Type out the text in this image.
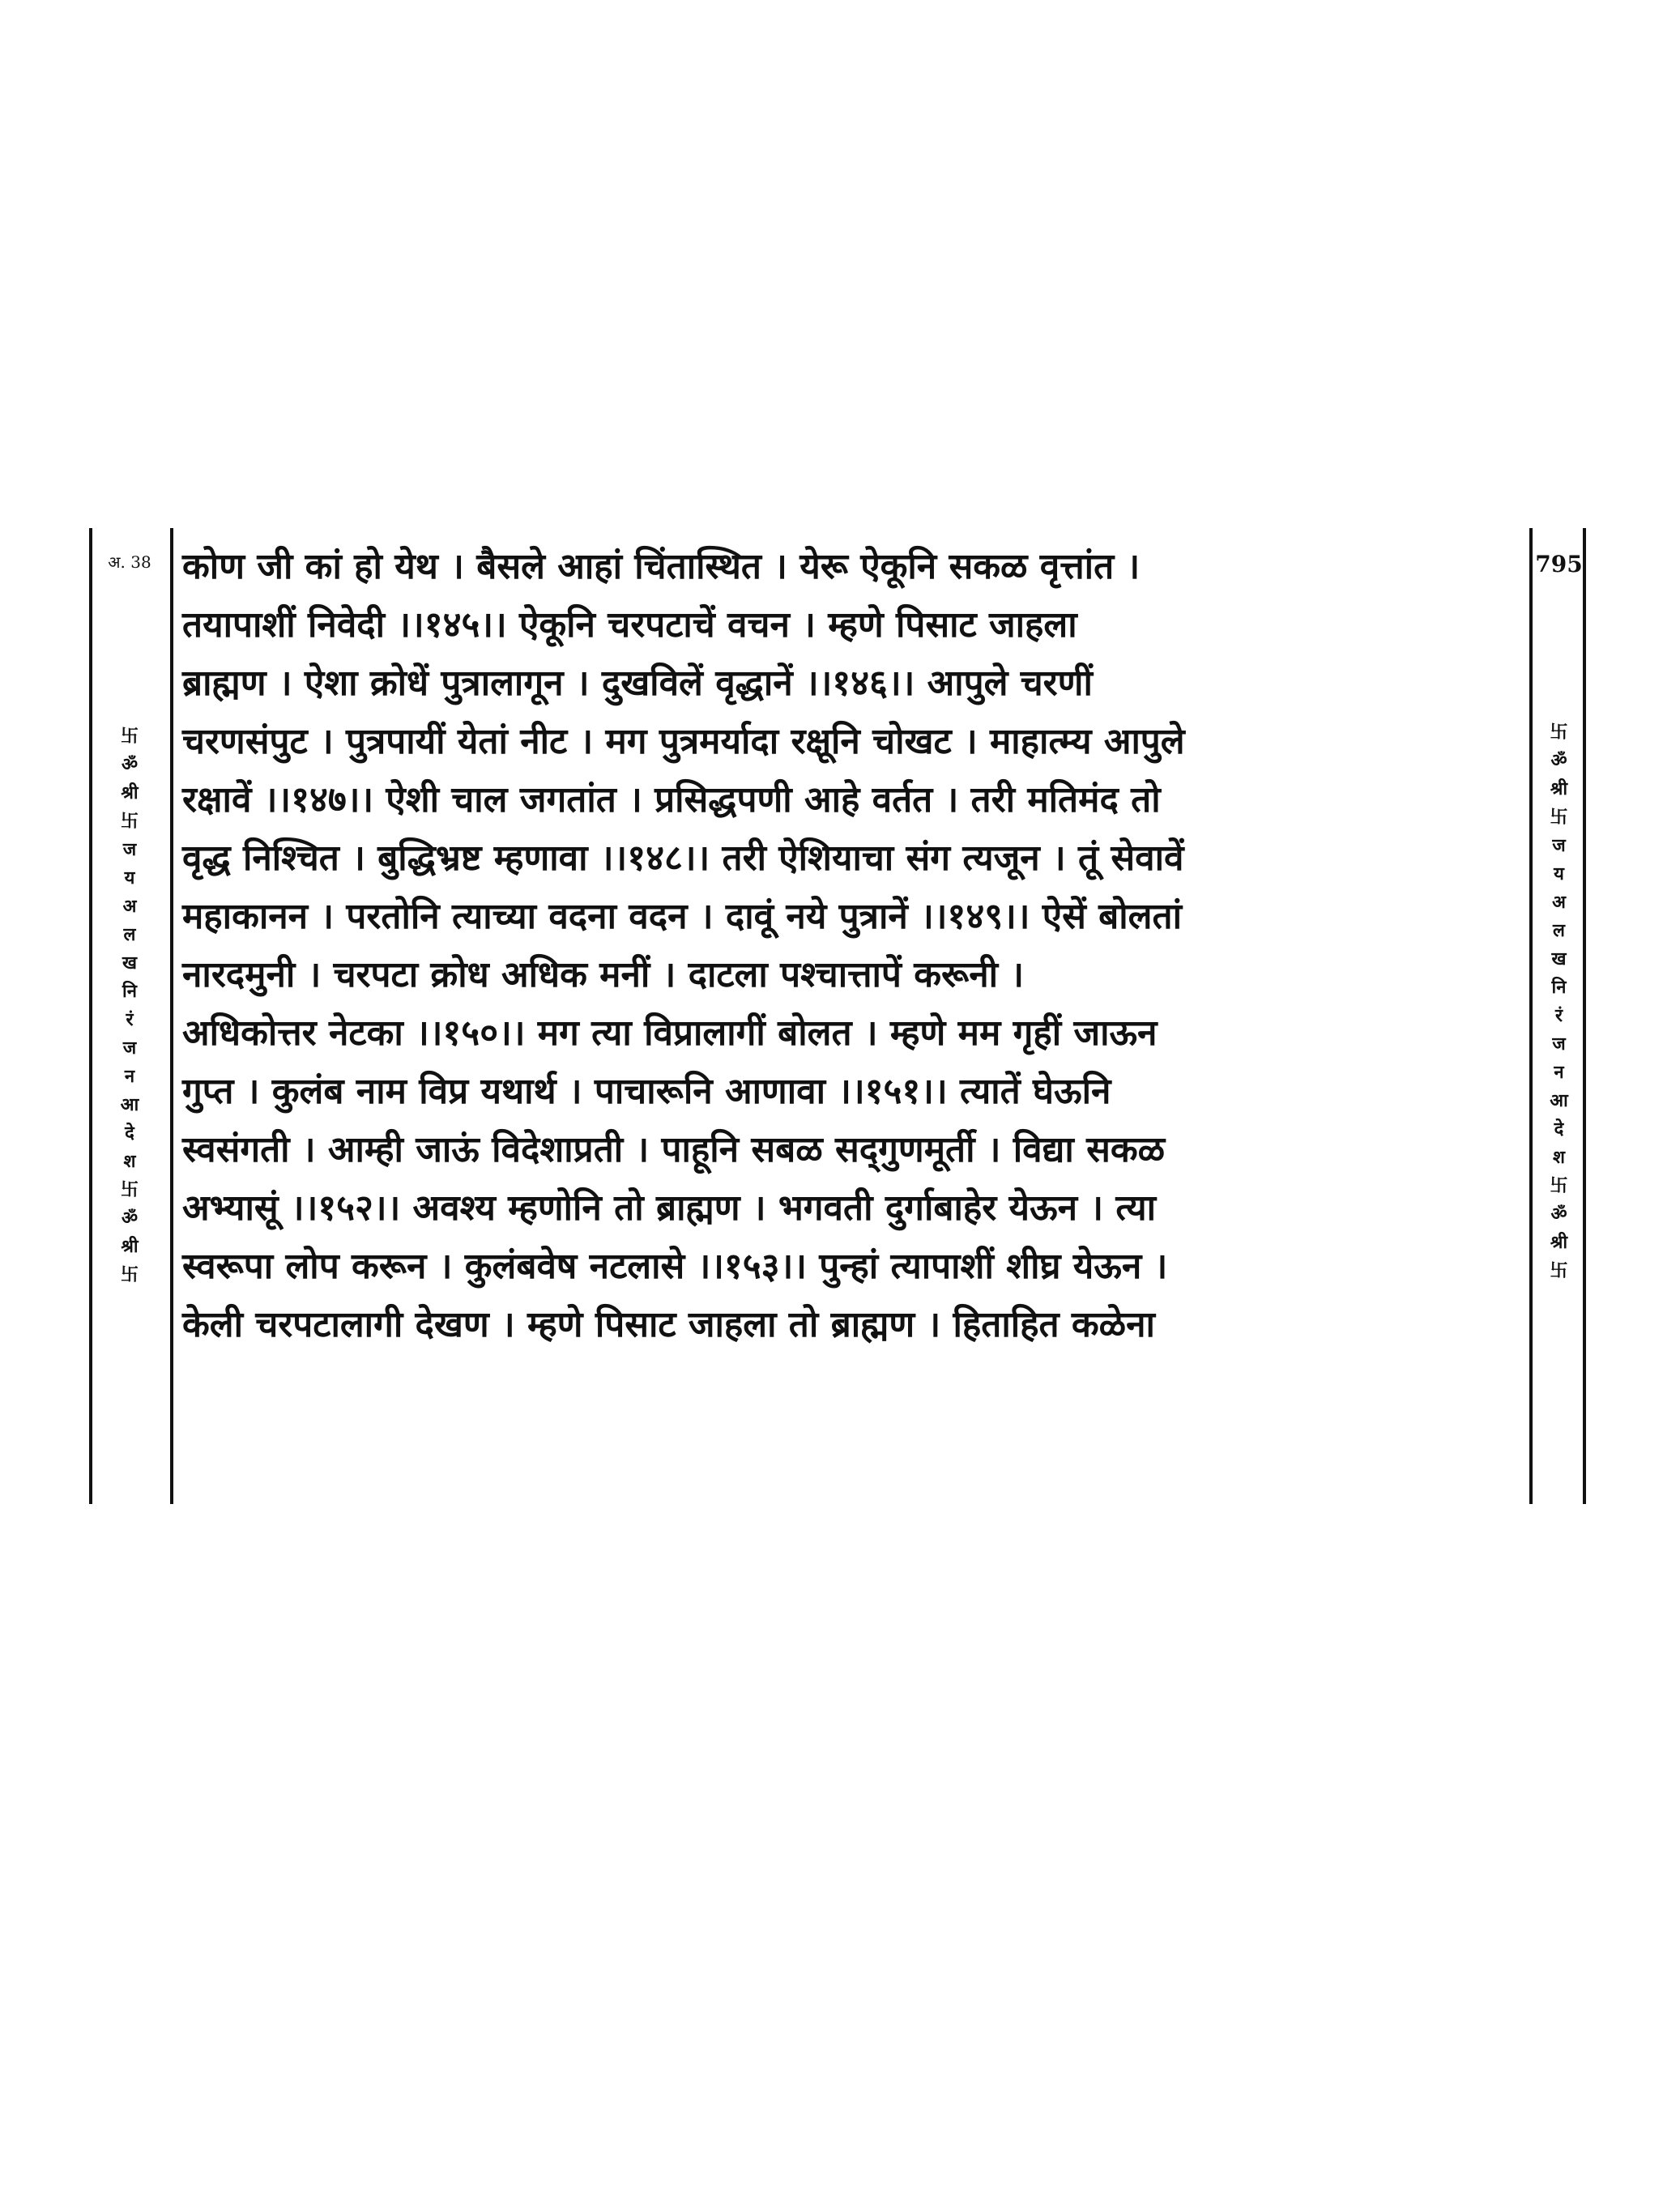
अ. 38
卐
ॐ
श्री
卐
ज
य
अ
ल
ख
नि
रं
ज
न
आ
दे
श
卐
ॐ
श्री
卐
795
卐
ॐ
श्री
卐
ज
य
अ
ल
ख
नि
रं
ज
न
आ
दे
श
卐
ॐ
श्री
卐
कोण जी कां हो येथ । बैसले आहां चिंतास्थित । येरू ऐकूनि सकळ वृत्तांत ।
तयापाशीं निवेदी ।।१४५।। ऐकूनि चरपटाचें वचन । म्हणे पिसाट जाहला
ब्राह्मण । ऐशा क्रोधें पुत्रालागून । दुखविलें वृद्धानें ।।१४६।। आपुले चरणीं
चरणसंपुट । पुत्रपायीं येतां नीट । मग पुत्रमर्यादा रक्षूनि चोखट । माहात्म्य आपुले
रक्षावें ।।१४७।। ऐशी चाल जगतांत । प्रसिद्धपणी आहे वर्तत । तरी मतिमंद तो
वृद्ध निश्चित । बुद्धिभ्रष्ट म्हणावा ।।१४८।। तरी ऐशियाचा संग त्यजून । तूं सेवावें
महाकानन । परतोनि त्याच्या वदना वदन । दावूं नये पुत्रानें ।।१४९।। ऐसें बोलतां
नारदमुनी । चरपटा क्रोध अधिक मनीं । दाटला पश्चात्तापें करूनी ।
अधिकोत्तर नेटका ।।१५०।। मग त्या विप्रालागीं बोलत । म्हणे मम गृहीं जाऊन
गुप्त । कुलंब नाम विप्र यथार्थ । पाचारूनि आणावा ।।१५१।। त्यातें घेऊनि
स्वसंगती । आम्ही जाऊं विदेशाप्रती । पाहूनि सबळ सद्‌गुणमूर्ती । विद्या सकळ
अभ्यासूं ।।१५२।। अवश्य म्हणोनि तो ब्राह्मण । भगवती दुर्गाबाहेर येऊन । त्या
स्वरूपा लोप करून । कुलंबवेष नटलासे ।।१५३।। पुन्हां त्यापाशीं शीघ्र येऊन ।
केली चरपटालागी देखण । म्हणे पिसाट जाहला तो ब्राह्मण । हिताहित कळेना
